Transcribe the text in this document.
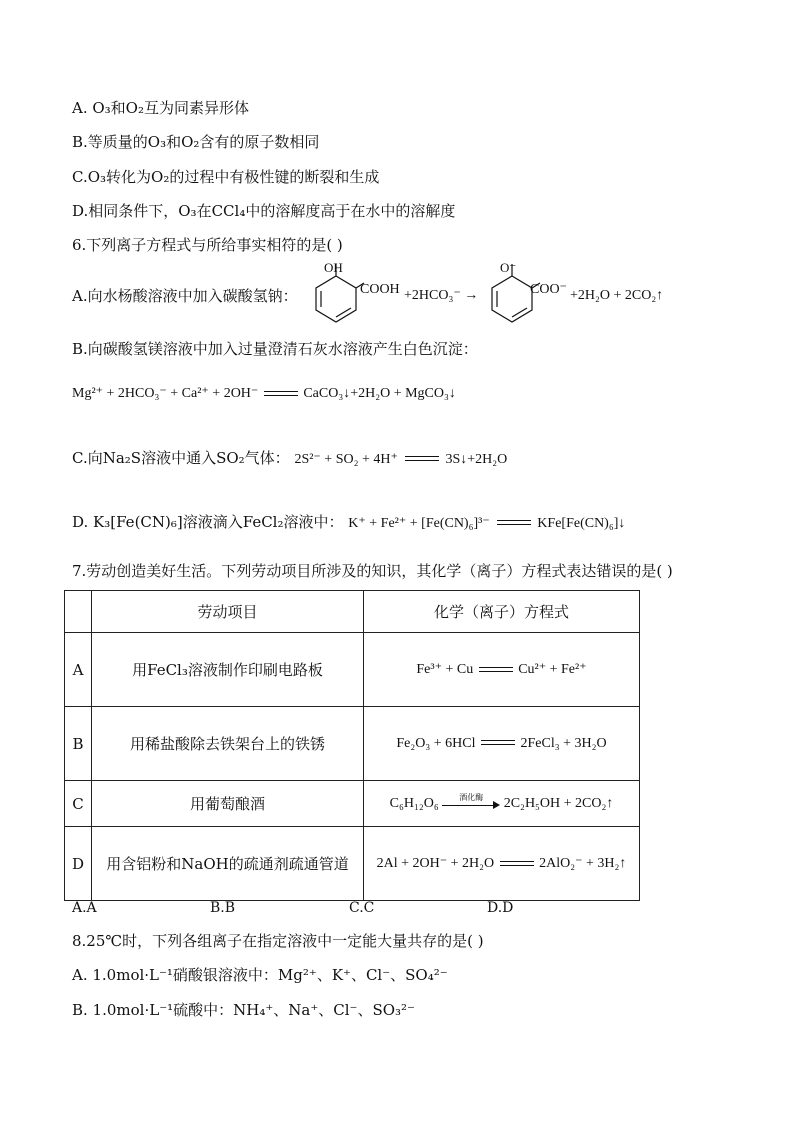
A. O₃和O₂互为同素异形体
B.等质量的O₃和O₂含有的原子数相同
C.O₃转化为O₂的过程中有极性键的断裂和生成
D.相同条件下，O₃在CCl₄中的溶解度高于在水中的溶解度
6.下列离子方程式与所给事实相符的是( )
A.向水杨酸溶液中加入碳酸氢钠：
OH
COOH +2HCO₃⁻ →
O⁻
COO⁻ +2H₂O + 2CO₂↑
B.向碳酸氢镁溶液中加入过量澄清石灰水溶液产生白色沉淀：
Mg²⁺ + 2HCO₃⁻ + Ca²⁺ + 2OH⁻	CaCO₃↓+2H₂O + MgCO₃↓
C.向Na₂S溶液中通入SO₂气体： 2S²⁻ + SO₂ + 4H⁺	3S↓+2H₂O
D. K₃[Fe(CN)₆]溶液滴入FeCl₂溶液中： K⁺ + Fe²⁺ + [Fe(CN)₆]³⁻	KFe[Fe(CN)₆]↓
7.劳动创造美好生活。下列劳动项目所涉及的知识，其化学（离子）方程式表达错误的是( )
	劳动项目	化学（离子）方程式
A	用FeCl₃溶液制作印刷电路板	Fe³⁺ + Cu Cu²⁺ + Fe²⁺
B	用稀盐酸除去铁架台上的铁锈	Fe₂O₃ + 6HCl 2FeCl₃ + 3H₂O
C	用葡萄酿酒	C₆H₁₂O₆ 酒化酶 2C₂H₅OH + 2CO₂↑
D	用含铝粉和NaOH的疏通剂疏通管道	2Al + 2OH⁻ + 2H₂O 2AlO₂⁻ + 3H₂↑
A.A	B.B	C.C	D.D
8.25℃时，下列各组离子在指定溶液中一定能大量共存的是( )
A. 1.0mol·L⁻¹硝酸银溶液中：Mg²⁺、K⁺、Cl⁻、SO₄²⁻
B. 1.0mol·L⁻¹硫酸中：NH₄⁺、Na⁺、Cl⁻、SO₃²⁻
